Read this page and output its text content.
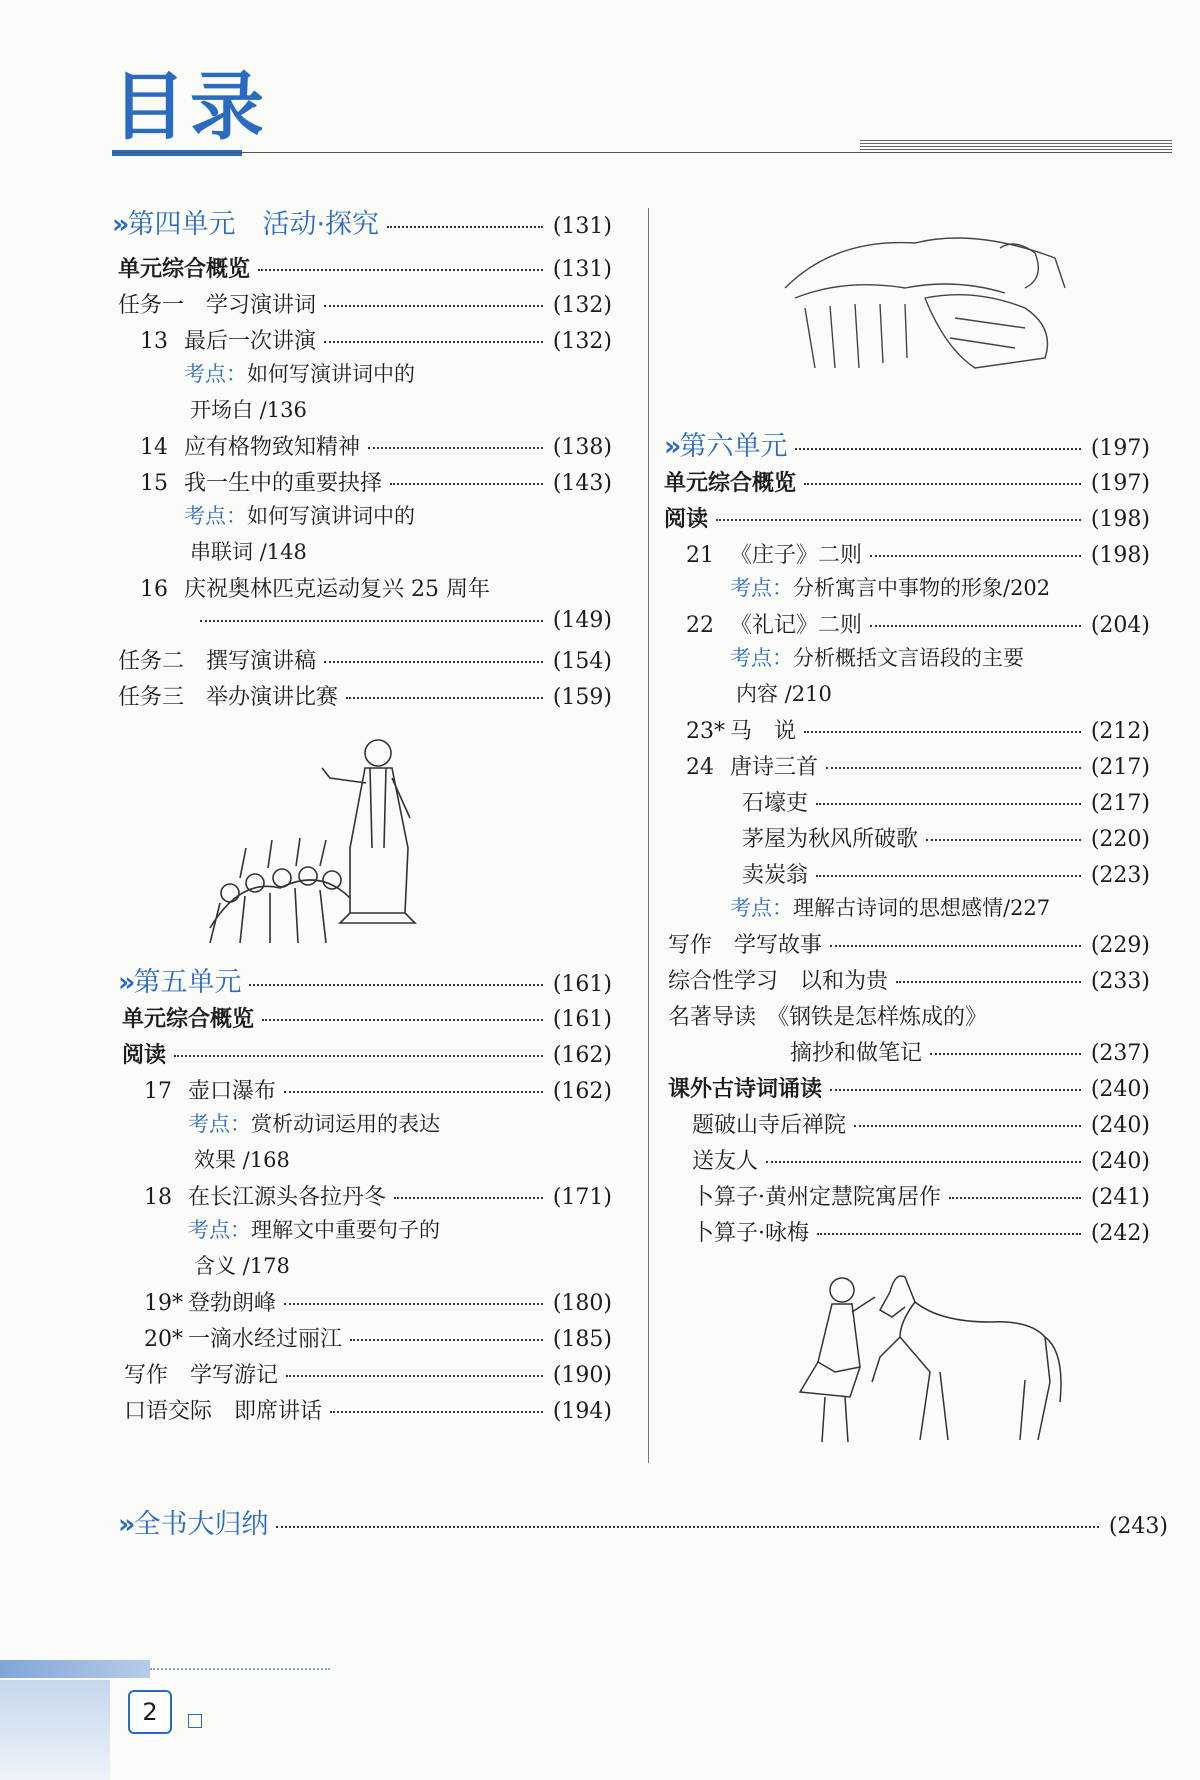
目录
» 第四单元　活动·探究	(131)
单元综合概览	(131)
任务一　学习演讲词	(132)
13 最后一次讲演	(132)
考点：如何写演讲词中的
开场白 /136
14 应有格物致知精神	(138)
15 我一生中的重要抉择	(143)
考点：如何写演讲词中的
串联词 /148
16 庆祝奥林匹克运动复兴 25 周年
(149)
任务二　撰写演讲稿	(154)
任务三　举办演讲比赛	(159)
» 第五单元	(161)
单元综合概览	(161)
阅读	(162)
17 壶口瀑布	(162)
考点：赏析动词运用的表达
效果 /168
18 在长江源头各拉丹冬	(171)
考点：理解文中重要句子的
含义 /178
19* 登勃朗峰	(180)
20* 一滴水经过丽江	(185)
写作　学写游记	(190)
口语交际　即席讲话	(194)
» 第六单元	(197)
单元综合概览	(197)
阅读	(198)
21 《庄子》二则	(198)
考点：分析寓言中事物的形象/202
22 《礼记》二则	(204)
考点：分析概括文言语段的主要
内容 /210
23* 马　说	(212)
24 唐诗三首	(217)
石壕吏	(217)
茅屋为秋风所破歌	(220)
卖炭翁	(223)
考点：理解古诗词的思想感情/227
写作　学写故事	(229)
综合性学习　以和为贵	(233)
名著导读　《钢铁是怎样炼成的》
摘抄和做笔记	(237)
课外古诗词诵读	(240)
题破山寺后禅院	(240)
送友人	(240)
卜算子·黄州定慧院寓居作	(241)
卜算子·咏梅	(242)
» 全书大归纳	(243)
2
